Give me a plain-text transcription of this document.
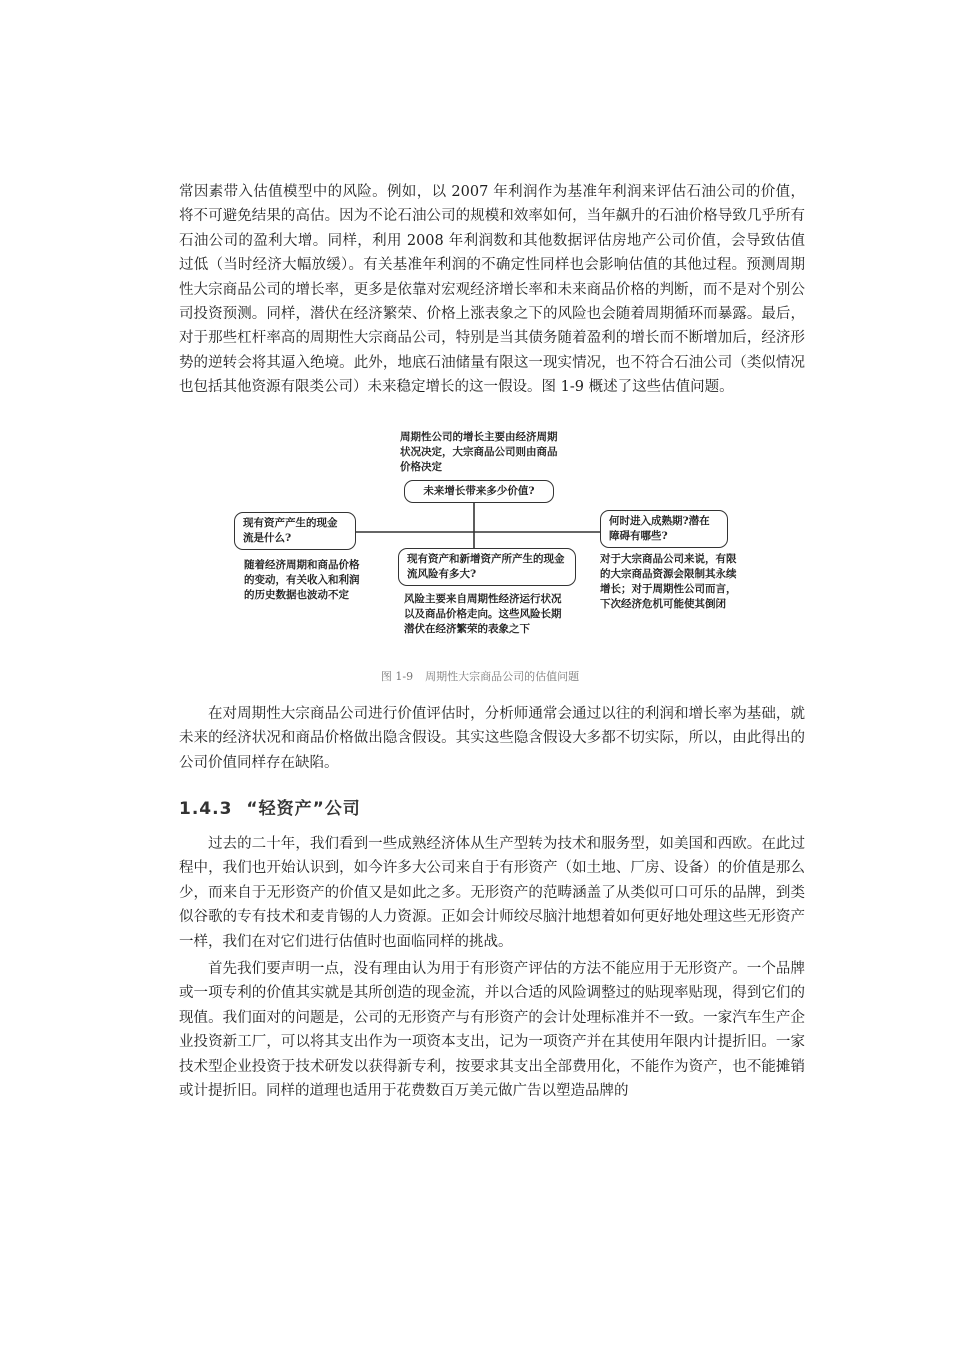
常因素带入估值模型中的风险。例如，以 2007 年利润作为基准年利润来评估石油公司的价值，将不可避免结果的高估。因为不论石油公司的规模和效率如何，当年飙升的石油价格导致几乎所有石油公司的盈利大增。同样，利用 2008 年利润数和其他数据评估房地产公司价值，会导致估值过低（当时经济大幅放缓）。有关基准年利润的不确定性同样也会影响估值的其他过程。预测周期性大宗商品公司的增长率，更多是依靠对宏观经济增长率和未来商品价格的判断，而不是对个别公司投资预测。同样，潜伏在经济繁荣、价格上涨表象之下的风险也会随着周期循环而暴露。最后，对于那些杠杆率高的周期性大宗商品公司，特别是当其债务随着盈利的增长而不断增加后，经济形势的逆转会将其逼入绝境。此外，地底石油储量有限这一现实情况，也不符合石油公司（类似情况也包括其他资源有限类公司）未来稳定增长的这一假设。图 1-9 概述了这些估值问题。

周期性公司的增长主要由经济周期状况决定，大宗商品公司则由商品价格决定

未来增长带来多少价值?
现有资产产生的现金流是什么?

随着经济周期和商品价格的变动，有关收入和利润的历史数据也波动不定

现有资产和新增资产所产生的现金流风险有多大?

风险主要来自周期性经济运行状况以及商品价格走向。这些风险长期潜伏在经济繁荣的表象之下

何时进入成熟期?潜在障碍有哪些?

对于大宗商品公司来说，有限的大宗商品资源会限制其永续增长；对于周期性公司而言，下次经济危机可能使其倒闭

图 1-9 周期性大宗商品公司的估值问题

在对周期性大宗商品公司进行价值评估时，分析师通常会通过以往的利润和增长率为基础，就未来的经济状况和商品价格做出隐含假设。其实这些隐含假设大多都不切实际，所以，由此得出的公司价值同样存在缺陷。

1.4.3 “轻资产”公司

过去的二十年，我们看到一些成熟经济体从生产型转为技术和服务型，如美国和西欧。在此过程中，我们也开始认识到，如今许多大公司来自于有形资产（如土地、厂房、设备）的价值是那么少，而来自于无形资产的价值又是如此之多。无形资产的范畴涵盖了从类似可口可乐的品牌，到类似谷歌的专有技术和麦肯锡的人力资源。正如会计师绞尽脑汁地想着如何更好地处理这些无形资产一样，我们在对它们进行估值时也面临同样的挑战。

首先我们要声明一点，没有理由认为用于有形资产评估的方法不能应用于无形资产。一个品牌或一项专利的价值其实就是其所创造的现金流，并以合适的风险调整过的贴现率贴现，得到它们的现值。我们面对的问题是，公司的无形资产与有形资产的会计处理标准并不一致。一家汽车生产企业投资新工厂，可以将其支出作为一项资本支出，记为一项资产并在其使用年限内计提折旧。一家技术型企业投资于技术研发以获得新专利，按要求其支出全部费用化，不能作为资产，也不能摊销或计提折旧。同样的道理也适用于花费数百万美元做广告以塑造品牌的
